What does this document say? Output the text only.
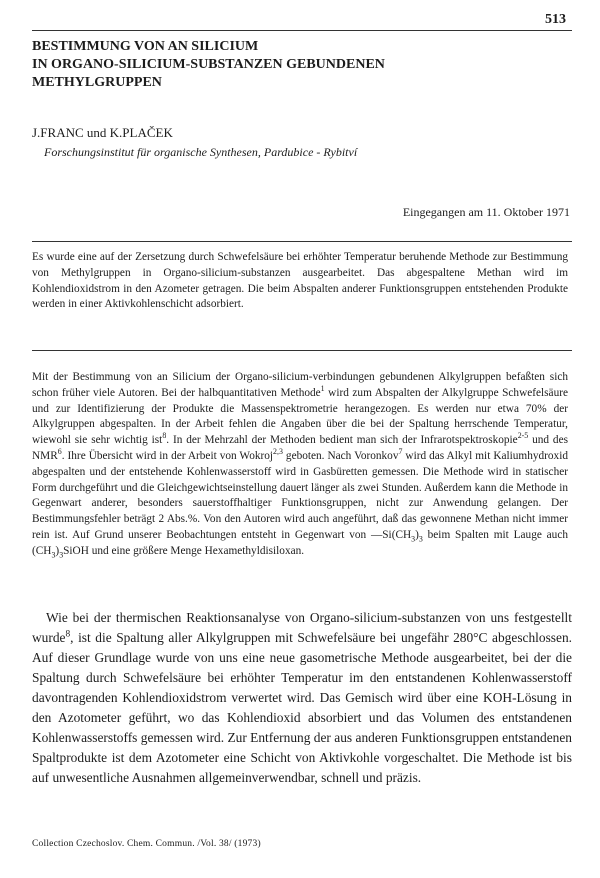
513
BESTIMMUNG VON AN SILICIUM
IN ORGANO-SILICIUM-SUBSTANZEN GEBUNDENEN
METHYLGRUPPEN
J.FRANC und K.PLAČEK
Forschungsinstitut für organische Synthesen, Pardubice - Rybitví
Eingegangen am 11. Oktober 1971

Es wurde eine auf der Zersetzung durch Schwefelsäure bei erhöhter Temperatur beruhende Methode zur Bestimmung von Methylgruppen in Organo-silicium-substanzen ausgearbeitet. Das abgespaltene Methan wird im Kohlendioxidstrom in den Azometer getragen. Die beim Abspalten anderer Funktionsgruppen entstehenden Produkte werden in einer Aktivkohlenschicht adsorbiert.

Mit der Bestimmung von an Silicium der Organo-silicium-verbindungen gebundenen Alkylgruppen befaßten sich schon früher viele Autoren. Bei der halbquantitativen Methode$^1$ wird zum Abspalten der Alkylgruppe Schwefelsäure und zur Identifizierung der Produkte die Massenspektrometrie herangezogen. Es werden nur etwa 70% der Alkylgruppen abgespalten. In der Arbeit fehlen die Angaben über die bei der Spaltung herrschende Temperatur, wiewohl sie sehr wichtig ist$^8$. In der Mehrzahl der Methoden bedient man sich der Infrarotspektroskopie$^{2-5}$ und des NMR$^6$. Ihre Übersicht wird in der Arbeit von Wokroj$^{2,3}$ geboten. Nach Voronkov$^7$ wird das Alkyl mit Kaliumhydroxid abgespalten und der entstehende Kohlenwasserstoff wird in Gasbüretten gemessen. Die Methode wird in statischer Form durchgeführt und die Gleichgewichtseinstellung dauert länger als zwei Stunden. Außerdem kann die Methode in Gegenwart anderer, besonders sauerstoffhaltiger Funktionsgruppen, nicht zur Anwendung gelangen. Der Bestimmungsfehler beträgt 2 Abs.%. Von den Autoren wird auch angeführt, daß das gewonnene Methan nicht immer rein ist. Auf Grund unserer Beobachtungen entsteht in Gegenwart von $—Si(CH_3)_3$ beim Spalten mit Lauge auch $(CH_3)_3SiOH$ und eine größere Menge Hexamethyldisiloxan.

Wie bei der thermischen Reaktionsanalyse von Organo-silicium-substanzen von uns festgestellt wurde$^8$, ist die Spaltung aller Alkylgruppen mit Schwefelsäure bei ungefähr 280°C abgeschlossen. Auf dieser Grundlage wurde von uns eine neue gasometrische Methode ausgearbeitet, bei der die Spaltung durch Schwefelsäure bei erhöhter Temperatur im den entstandenen Kohlenwasserstoff davontragenden Kohlendioxidstrom verwertet wird. Das Gemisch wird über eine KOH-Lösung in den Azotometer geführt, wo das Kohlendioxid absorbiert und das Volumen des entstandenen Kohlenwasserstoffs gemessen wird. Zur Entfernung der aus anderen Funktionsgruppen entstandenen Spaltprodukte ist dem Azotometer eine Schicht von Aktivkohle vorgeschaltet. Die Methode ist bis auf unwesentliche Ausnahmen allgemeinverwendbar, schnell und präzis.

Collection Czechoslov. Chem. Commun. /Vol. 38/ (1973)
